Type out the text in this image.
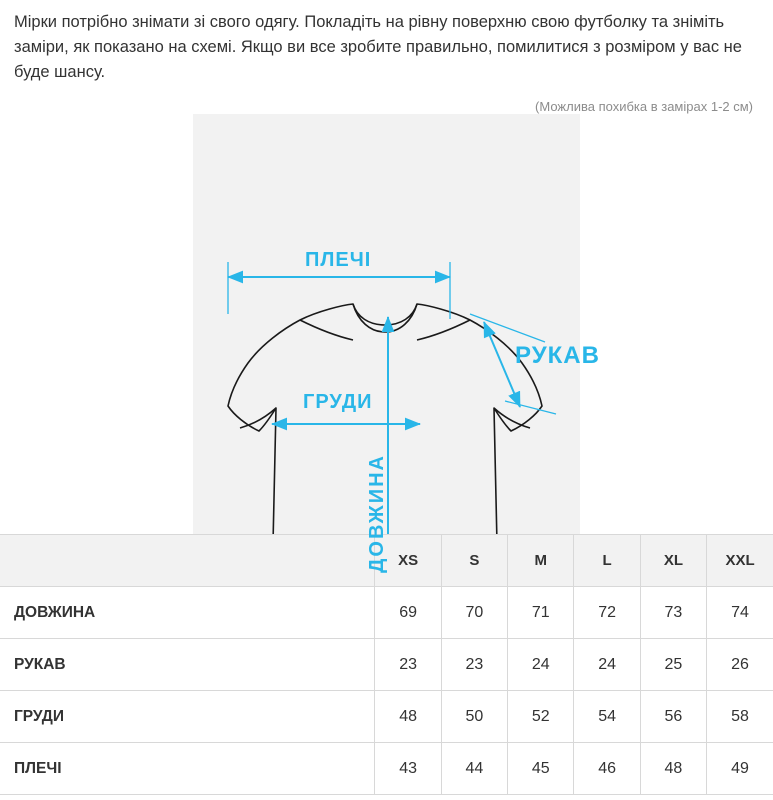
Мірки потрібно знімати зі свого одягу. Покладіть на рівну поверхню свою футболку та зніміть заміри, як показано на схемі. Якщо ви все зробите правильно, помилитися з розміром у вас не буде шансу.

(Можлива похибка в замірах 1-2 см)
ПЛЕЧІ
РУКАВ
ГРУДИ
ДОВЖИНА
	XS	S	M	L	XL	XXL
ДОВЖИНА	69	70	71	72	73	74
РУКАВ	23	23	24	24	25	26
ГРУДИ	48	50	52	54	56	58
ПЛЕЧІ	43	44	45	46	48	49
